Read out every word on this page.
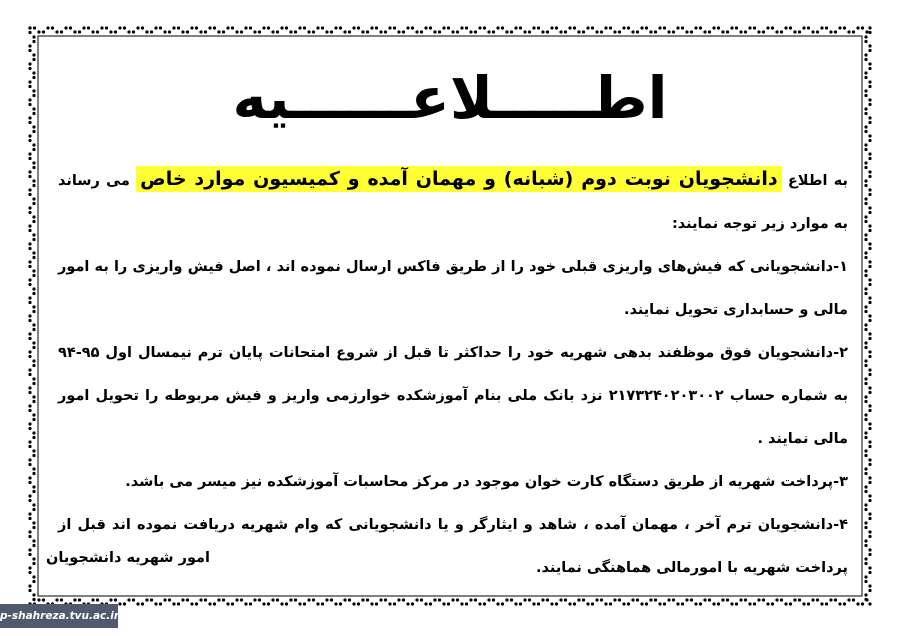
اطـــــلاعــــــیه

به اطلاع دانشجویان نوبت دوم (شبانه) و مهمان آمده و کمیسیون موارد خاص می رساند به موارد زیر توجه نمایند:

۱-دانشجویانی که فیش‌های واریزی قبلی خود را از طریق فاکس ارسال نموده اند ، اصل فیش واریزی را به امور مالی و حسابداری تحویل نمایند.

۲-دانشجویان فوق موظفند بدهی شهریه خود را حداکثر تا قبل از شروع امتحانات پایان ترم نیمسال اول ۹۵-۹۴ به شماره حساب ۲۱۷۳۲۴۰۲۰۳۰۰۲ نزد بانک ملی بنام آموزشکده خوارزمی واریز و فیش مربوطه را تحویل امور مالی نمایند .

۳-پرداخت شهریه از طریق دستگاه کارت خوان موجود در مرکز محاسبات آموزشکده نیز میسر می باشد.

۴-دانشجویان ترم آخر ، مهمان آمده ، شاهد و ایثارگر و یا دانشجویانی که وام شهریه دریافت نموده اند قبل از پرداخت شهریه با امورمالی هماهنگی نمایند.

امور شهریه دانشجویان
p-shahreza.tvu.ac.ir
